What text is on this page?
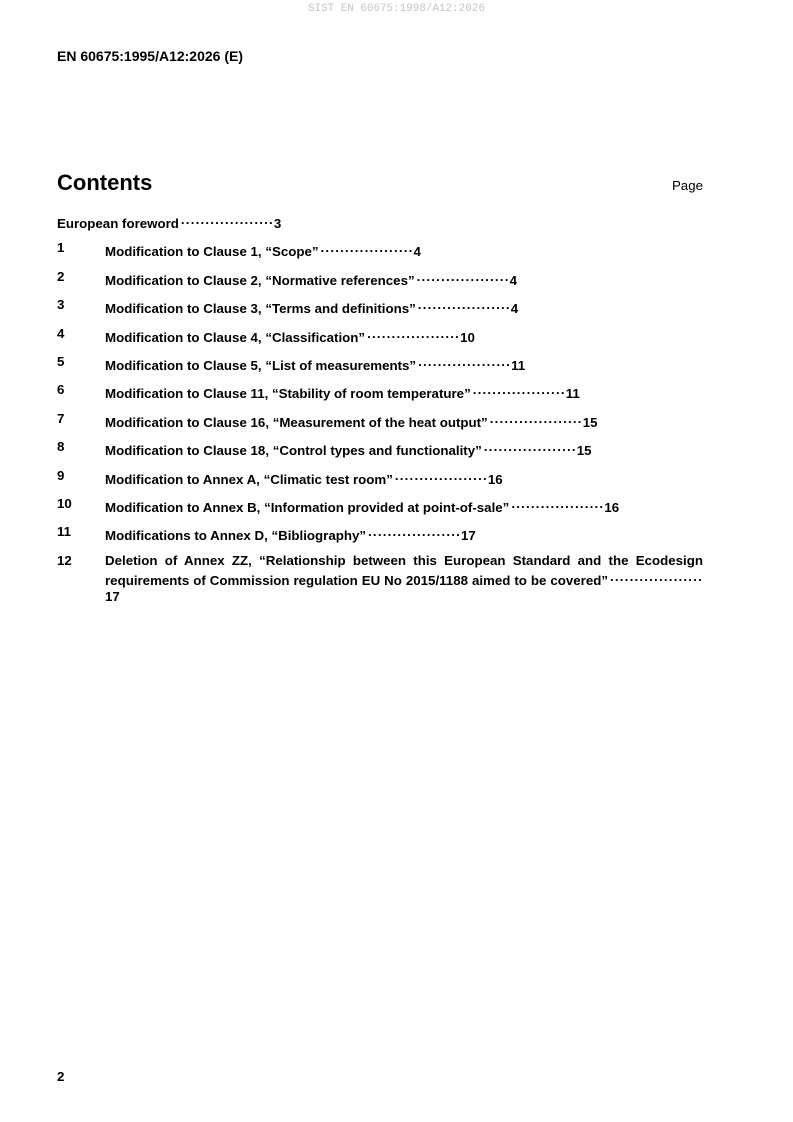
SIST EN 60675:1998/A12:2026
EN 60675:1995/A12:2026 (E)
Contents	Page
European foreword .....	3
1	Modification to Clause 1, “Scope” .....	4
2	Modification to Clause 2, “Normative references” .....	4
3	Modification to Clause 3, “Terms and definitions” .....	4
4	Modification to Clause 4, “Classification” .....	10
5	Modification to Clause 5, “List of measurements” .....	11
6	Modification to Clause 11, “Stability of room temperature” .....	11
7	Modification to Clause 16, “Measurement of the heat output” .....	15
8	Modification to Clause 18, “Control types and functionality” .....	15
9	Modification to Annex A, “Climatic test room” .....	16
10	Modification to Annex B, “Information provided at point-of-sale” .....	16
11	Modifications to Annex D, “Bibliography” .....	17
12	Deletion of Annex ZZ, “Relationship between this European Standard and the Ecodesign requirements of Commission regulation EU No 2015/1188 aimed to be covered”.....17
2
